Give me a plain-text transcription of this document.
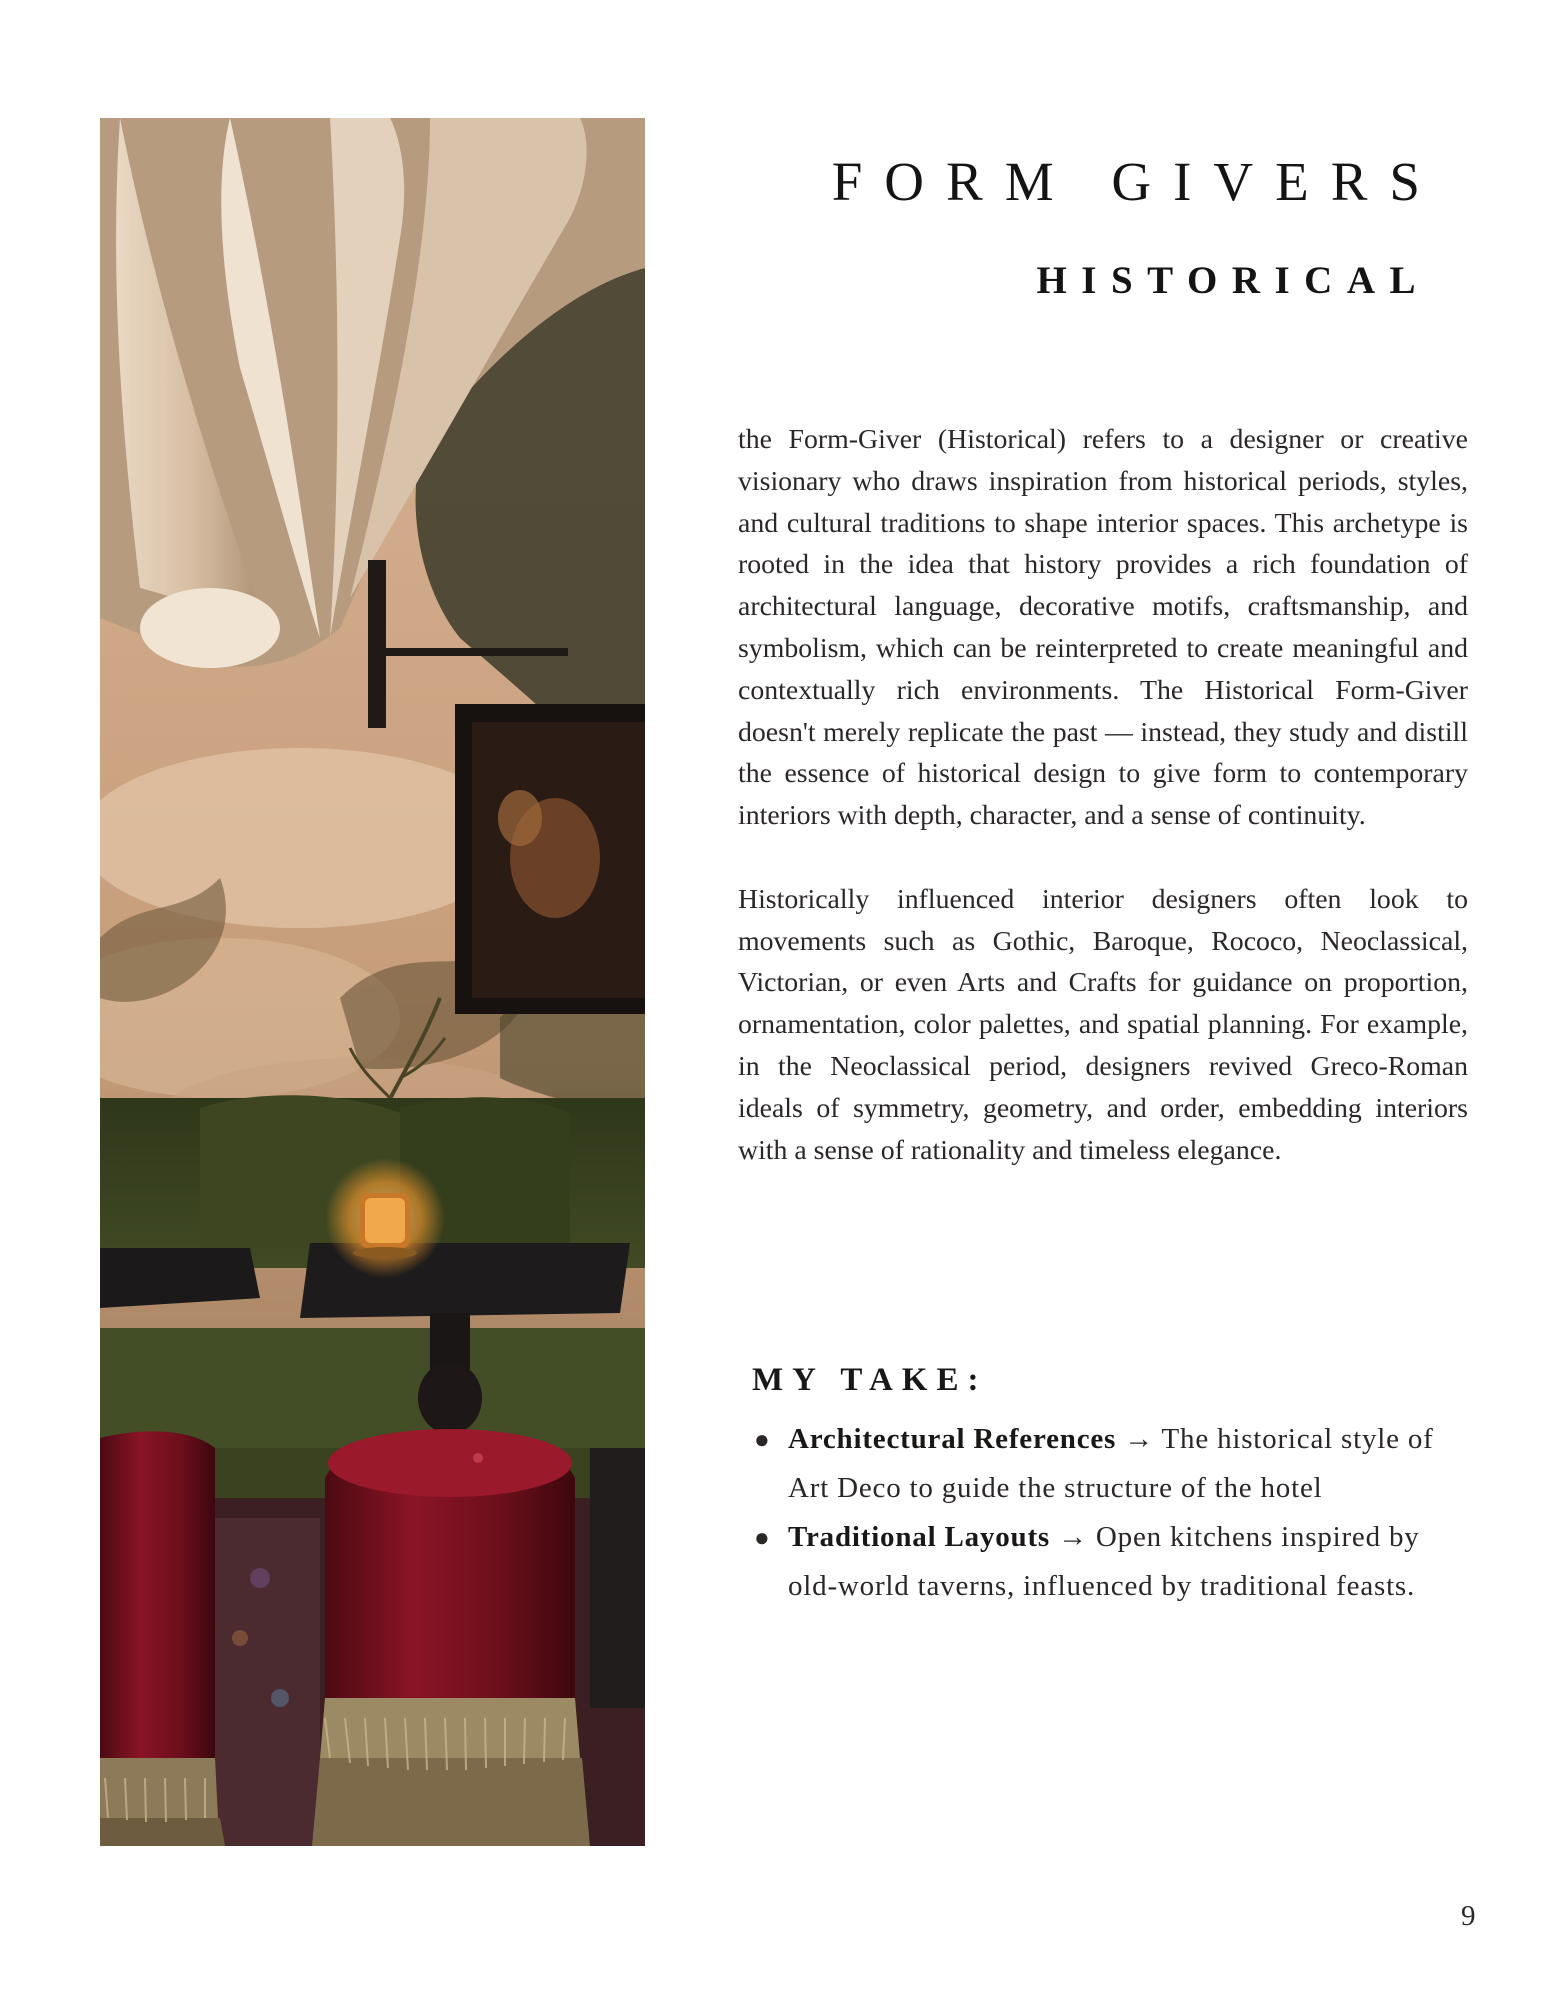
FORM GIVERS
HISTORICAL

the Form-Giver (Historical) refers to a designer or creative visionary who draws inspiration from historical periods, styles, and cultural traditions to shape interior spaces. This archetype is rooted in the idea that history provides a rich foundation of architectural language, decorative motifs, craftsmanship, and symbolism, which can be reinterpreted to create meaningful and contextually rich environments. The Historical Form-Giver doesn't merely replicate the past — instead, they study and distill the essence of historical design to give form to contemporary interiors with depth, character, and a sense of continuity.

Historically influenced interior designers often look to movements such as Gothic, Baroque, Rococo, Neoclassical, Victorian, or even Arts and Crafts for guidance on proportion, ornamentation, color palettes, and spatial planning. For example, in the Neoclassical period, designers revived Greco-Roman ideals of symmetry, geometry, and order, embedding interiors with a sense of rationality and timeless elegance.

MY TAKE:
● Architectural References → The historical style of Art Deco to guide the structure of the hotel
● Traditional Layouts → Open kitchens inspired by old-world taverns, influenced by traditional feasts.
9
